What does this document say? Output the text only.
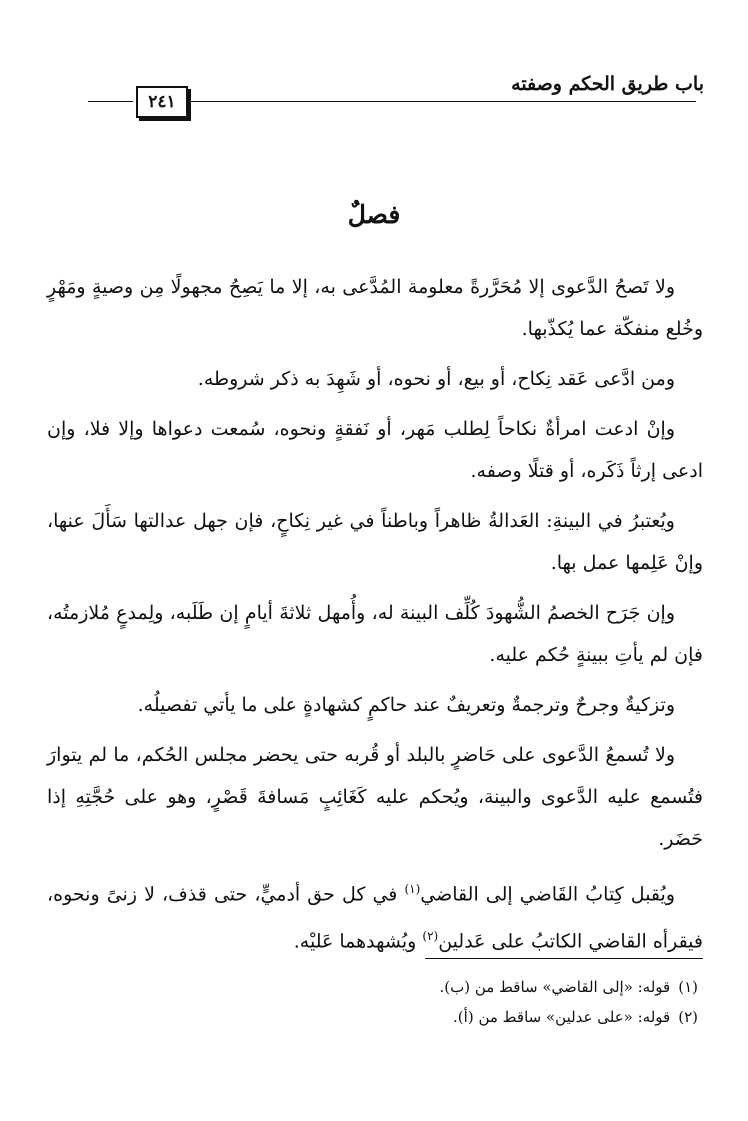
باب طريق الحكم وصفته
٢٤١
فصلٌ

ولا تَصحُ الدَّعوى إلا مُحَرَّرةً معلومة المُدَّعى به، إلا ما يَصِحُ مجهولًا مِن وصيةٍ ومَهْرٍ وخُلع منفكّة عما يُكذّبها.

ومن ادَّعى عَقد نِكاح، أو بيع، أو نحوه، أو شَهِدَ به ذكر شروطه.

وإنْ ادعت امرأةٌ نكاحاً لِطلب مَهر، أو نَفقةٍ ونحوه، سُمعت دعواها وإلا فلا، وإن ادعى إرثاً ذَكَره، أو قتلًا وصفه.

ويُعتبرُ في البينةِ: العَدالةُ ظاهراً وباطناً في غير نِكاحٍ، فإن جهل عدالتها سَأَلَ عنها، وإنْ عَلِمها عمل بها.

وإن جَرَح الخصمُ الشُّهودَ كُلِّف البينة له، وأُمهل ثلاثةَ أيامٍ إن طَلَبه، ولِمدعٍ مُلازمتُه، فإن لم يأتِ ببينةٍ حُكم عليه.

وتزكيةٌ وجرحٌ وترجمةٌ وتعريفٌ عند حاكمٍ كشهادةٍ على ما يأتي تفصيلُه.

ولا تُسمعُ الدَّعوى على حَاضرٍ بالبلد أو قُربه حتى يحضر مجلس الحُكم، ما لم يتوارَ فتُسمع عليه الدَّعوى والبينة، ويُحكم عليه كَغَائِبٍ مَسافةَ قَصْرٍ، وهو على حُجَّتِهِ إذا حَضَر.

ويُقبل كِتابُ القَاضي إلى القاضي$^{(١)}$ في كل حق أدميٍّ، حتى قذف، لا زنىً ونحوه، فيقرأه القاضي الكاتبُ على عَدلين$^{(٢)}$ ويُشهدهما عَليْه.

(١)قوله: «إلى القاضي» ساقط من (ب).

(٢)قوله: «على عدلين» ساقط من (أ).
